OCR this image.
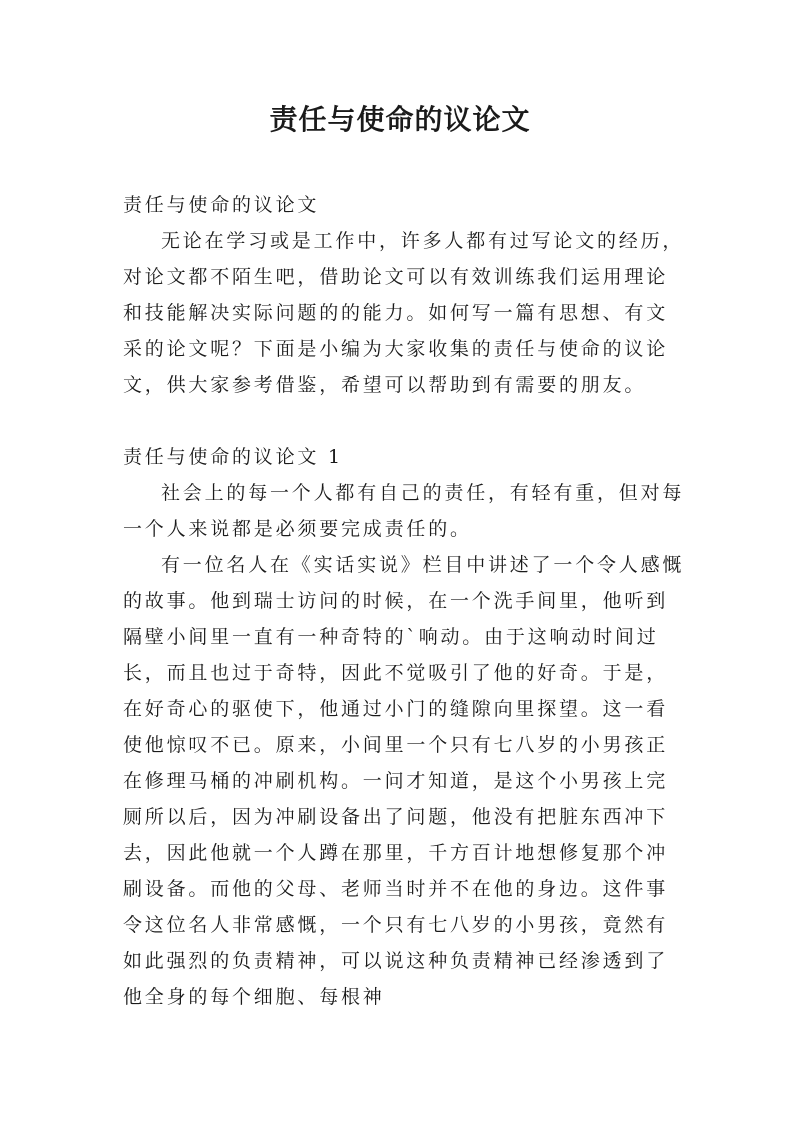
责任与使命的议论文

责任与使命的议论文

无论在学习或是工作中，许多人都有过写论文的经历，对论文都不陌生吧，借助论文可以有效训练我们运用理论和技能解决实际问题的的能力。如何写一篇有思想、有文采的论文呢？下面是小编为大家收集的责任与使命的议论文，供大家参考借鉴，希望可以帮助到有需要的朋友。

责任与使命的议论文 1

社会上的每一个人都有自己的责任，有轻有重，但对每一个人来说都是必须要完成责任的。

有一位名人在《实话实说》栏目中讲述了一个令人感慨的故事。他到瑞士访问的时候，在一个洗手间里，他听到隔壁小间里一直有一种奇特的`响动。由于这响动时间过长，而且也过于奇特，因此不觉吸引了他的好奇。于是，在好奇心的驱使下，他通过小门的缝隙向里探望。这一看使他惊叹不已。原来，小间里一个只有七八岁的小男孩正在修理马桶的冲刷机构。一问才知道，是这个小男孩上完厕所以后，因为冲刷设备出了问题，他没有把脏东西冲下去，因此他就一个人蹲在那里，千方百计地想修复那个冲刷设备。而他的父母、老师当时并不在他的身边。这件事令这位名人非常感慨，一个只有七八岁的小男孩，竟然有如此强烈的负责精神，可以说这种负责精神已经渗透到了他全身的每个细胞、每根神
